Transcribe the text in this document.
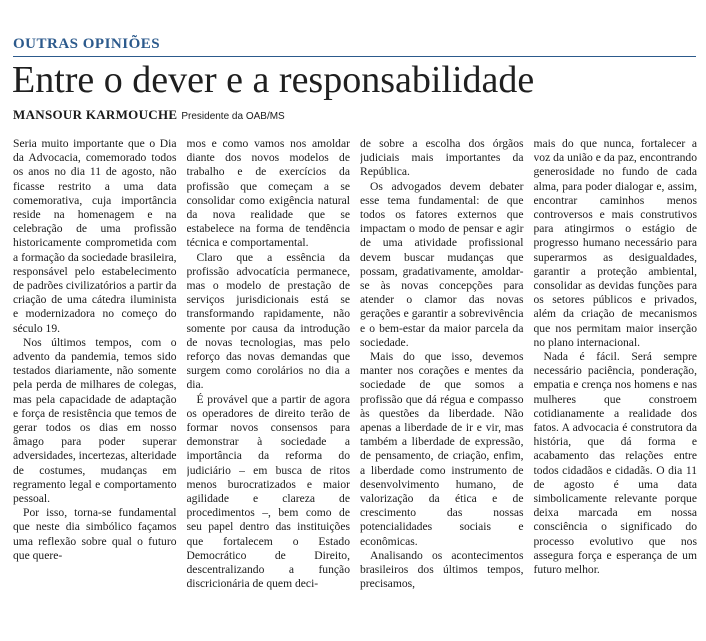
OUTRAS OPINIÕES
Entre o dever e a responsabilidade
MANSOUR KARMOUCHE Presidente da OAB/MS

Seria muito importante que o Dia da Advocacia, comemorado todos os anos no dia 11 de agosto, não ficasse restrito a uma data comemorativa, cuja importância reside na homenagem e na celebração de uma profissão historicamente comprometida com a formação da sociedade brasileira, responsável pelo estabelecimento de padrões civilizatórios a partir da criação de uma cátedra iluminista e modernizadora no começo do século 19.

Nos últimos tempos, com o advento da pandemia, temos sido testados diariamente, não somente pela perda de milhares de colegas, mas pela capacidade de adaptação e força de resistência que temos de gerar todos os dias em nosso âmago para poder superar adversidades, incertezas, alteridade de costumes, mudanças em regramento legal e comportamento pessoal.

Por isso, torna-se fundamental que neste dia simbólico façamos uma reflexão sobre qual o futuro que quere-

mos e como vamos nos amoldar diante dos novos modelos de trabalho e de exercícios da profissão que começam a se consolidar como exigência natural da nova realidade que se estabelece na forma de tendência técnica e comportamental.

Claro que a essência da profissão advocatícia permanece, mas o modelo de prestação de serviços jurisdicionais está se transformando rapidamente, não somente por causa da introdução de novas tecnologias, mas pelo reforço das novas demandas que surgem como corolários no dia a dia.

É provável que a partir de agora os operadores de direito terão de formar novos consensos para demonstrar à sociedade a importância da reforma do judiciário – em busca de ritos menos burocratizados e maior agilidade e clareza de procedimentos –, bem como de seu papel dentro das instituições que fortalecem o Estado Democrático de Direito, descentralizando a função discricionária de quem deci-

de sobre a escolha dos órgãos judiciais mais importantes da República.

Os advogados devem debater esse tema fundamental: de que todos os fatores externos que impactam o modo de pensar e agir de uma atividade profissional devem buscar mudanças que possam, gradativamente, amoldar-se às novas concepções para atender o clamor das novas gerações e garantir a sobrevivência e o bem-estar da maior parcela da sociedade.

Mais do que isso, devemos manter nos corações e mentes da sociedade de que somos a profissão que dá régua e compasso às questões da liberdade. Não apenas a liberdade de ir e vir, mas também a liberdade de expressão, de pensamento, de criação, enfim, a liberdade como instrumento de desenvolvimento humano, de valorização da ética e de crescimento das nossas potencialidades sociais e econômicas.

Analisando os acontecimentos brasileiros dos últimos tempos, precisamos,

mais do que nunca, fortalecer a voz da união e da paz, encontrando generosidade no fundo de cada alma, para poder dialogar e, assim, encontrar caminhos menos controversos e mais construtivos para atingirmos o estágio de progresso humano necessário para superarmos as desigualdades, garantir a proteção ambiental, consolidar as devidas funções para os setores públicos e privados, além da criação de mecanismos que nos permitam maior inserção no plano internacional.

Nada é fácil. Será sempre necessário paciência, ponderação, empatia e crença nos homens e nas mulheres que constroem cotidianamente a realidade dos fatos. A advocacia é construtora da história, que dá forma e acabamento das relações entre todos cidadãos e cidadãs. O dia 11 de agosto é uma data simbolicamente relevante porque deixa marcada em nossa consciência o significado do processo evolutivo que nos assegura força e esperança de um futuro melhor.
